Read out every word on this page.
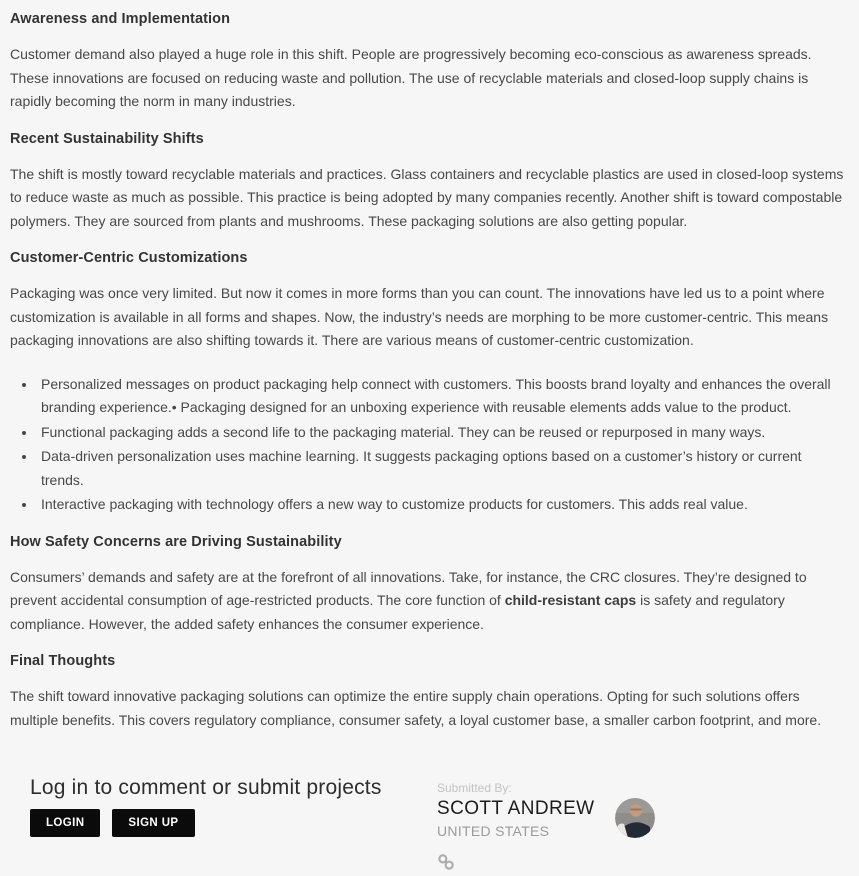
Awareness and Implementation

Customer demand also played a huge role in this shift. People are progressively becoming eco-conscious as awareness spreads. These innovations are focused on reducing waste and pollution. The use of recyclable materials and closed-loop supply chains is rapidly becoming the norm in many industries.

Recent Sustainability Shifts

The shift is mostly toward recyclable materials and practices. Glass containers and recyclable plastics are used in closed-loop systems to reduce waste as much as possible. This practice is being adopted by many companies recently. Another shift is toward compostable polymers. They are sourced from plants and mushrooms. These packaging solutions are also getting popular.

Customer-Centric Customizations

Packaging was once very limited. But now it comes in more forms than you can count. The innovations have led us to a point where customization is available in all forms and shapes. Now, the industry’s needs are morphing to be more customer-centric. This means packaging innovations are also shifting towards it. There are various means of customer-centric customization.

• Personalized messages on product packaging help connect with customers. This boosts brand loyalty and enhances the overall branding experience.• Packaging designed for an unboxing experience with reusable elements adds value to the product.
• Functional packaging adds a second life to the packaging material. They can be reused or repurposed in many ways.
• Data-driven personalization uses machine learning. It suggests packaging options based on a customer’s history or current trends.
• Interactive packaging with technology offers a new way to customize products for customers. This adds real value.
How Safety Concerns are Driving Sustainability

Consumers’ demands and safety are at the forefront of all innovations. Take, for instance, the CRC closures. They’re designed to prevent accidental consumption of age-restricted products. The core function of child-resistant caps is safety and regulatory compliance. However, the added safety enhances the consumer experience.

Final Thoughts

The shift toward innovative packaging solutions can optimize the entire supply chain operations. Opting for such solutions offers multiple benefits. This covers regulatory compliance, consumer safety, a loyal customer base, a smaller carbon footprint, and more.

Log in to comment or submit projects
LOGIN	SIGN UP
Submitted By:
SCOTT ANDREW
UNITED STATES
